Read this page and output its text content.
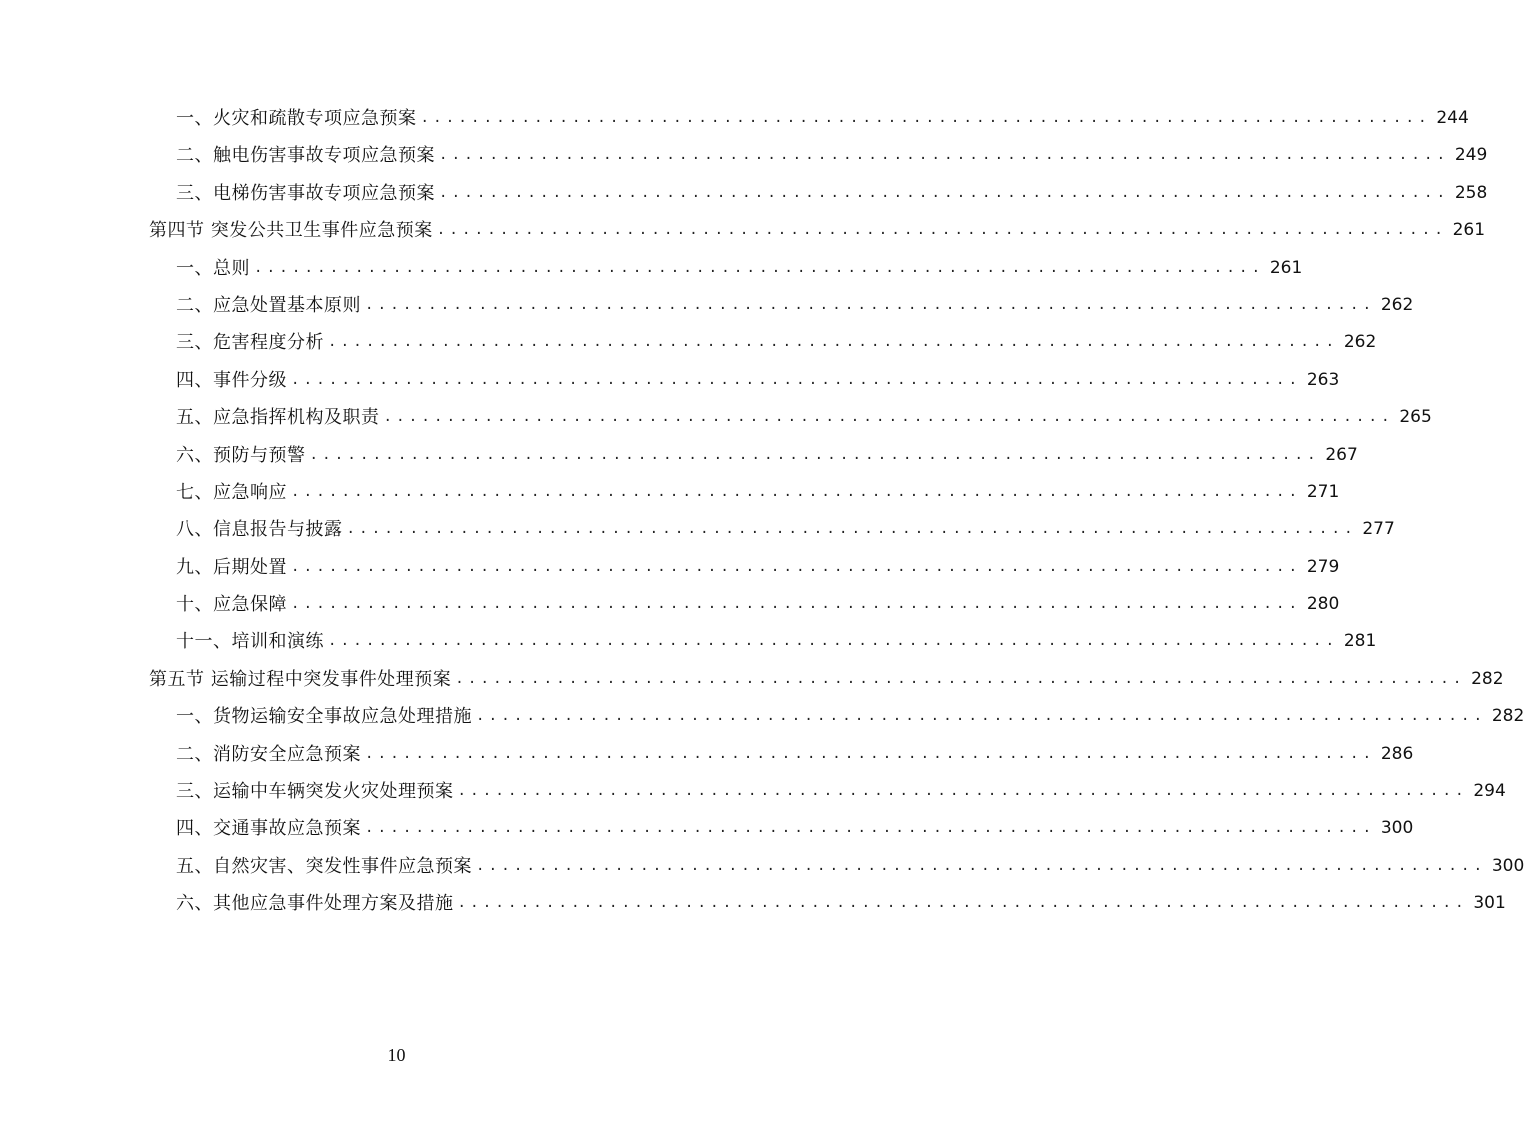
一、火灾和疏散专项应急预案 ................................................................................ 244
二、触电伤害事故专项应急预案 ................................................................................ 249
三、电梯伤害事故专项应急预案 ................................................................................ 258
第四节 突发公共卫生事件应急预案 ................................................................................ 261
一、总则 ................................................................................ 261
二、应急处置基本原则 ................................................................................ 262
三、危害程度分析 ................................................................................ 262
四、事件分级 ................................................................................ 263
五、应急指挥机构及职责 ................................................................................ 265
六、预防与预警 ................................................................................ 267
七、应急响应 ................................................................................ 271
八、信息报告与披露 ................................................................................ 277
九、后期处置 ................................................................................ 279
十、应急保障 ................................................................................ 280
十一、培训和演练 ................................................................................ 281
第五节 运输过程中突发事件处理预案 ................................................................................ 282
一、货物运输安全事故应急处理措施 ................................................................................ 282
二、消防安全应急预案 ................................................................................ 286
三、运输中车辆突发火灾处理预案 ................................................................................ 294
四、交通事故应急预案 ................................................................................ 300
五、自然灾害、突发性事件应急预案 ................................................................................ 300
六、其他应急事件处理方案及措施 ................................................................................ 301
10
